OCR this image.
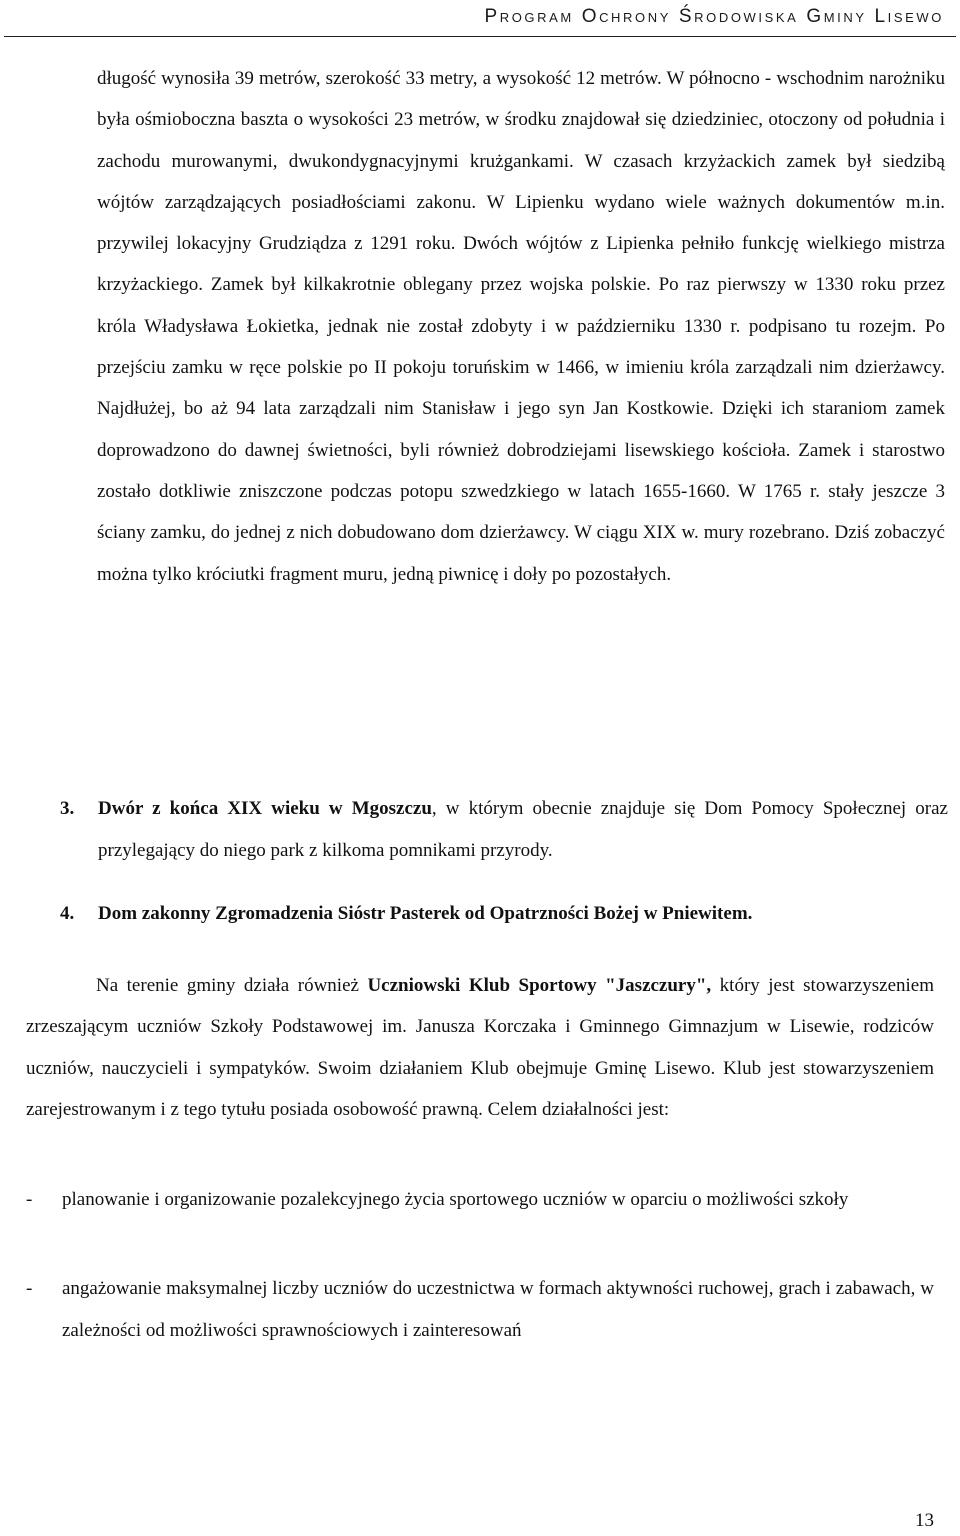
Program Ochrony Środowiska Gminy Lisewo

długość wynosiła 39 metrów, szerokość 33 metry, a wysokość 12 metrów. W północno - wschodnim narożniku była ośmioboczna baszta o wysokości 23 metrów, w środku znajdował się dziedziniec, otoczony od południa i zachodu murowanymi, dwukondygnacyjnymi krużgankami. W czasach krzyżackich zamek był siedzibą wójtów zarządzających posiadłościami zakonu. W Lipienku wydano wiele ważnych dokumentów m.in. przywilej lokacyjny Grudziądza z 1291 roku. Dwóch wójtów z Lipienka pełniło funkcję wielkiego mistrza krzyżackiego. Zamek był kilkakrotnie oblegany przez wojska polskie. Po raz pierwszy w 1330 roku przez króla Władysława Łokietka, jednak nie został zdobyty i w październiku 1330 r. podpisano tu rozejm. Po przejściu zamku w ręce polskie po II pokoju toruńskim w 1466, w imieniu króla zarządzali nim dzierżawcy. Najdłużej, bo aż 94 lata zarządzali nim Stanisław i jego syn Jan Kostkowie. Dzięki ich staraniom zamek doprowadzono do dawnej świetności, byli również dobrodziejami lisewskiego kościoła. Zamek i starostwo zostało dotkliwie zniszczone podczas potopu szwedzkiego w latach 1655-1660. W 1765 r. stały jeszcze 3 ściany zamku, do jednej z nich dobudowano dom dzierżawcy. W ciągu XIX w. mury rozebrano. Dziś zobaczyć można tylko króciutki fragment muru, jedną piwnicę i doły po pozostałych.

3. Dwór z końca XIX wieku w Mgoszczu, w którym obecnie znajduje się Dom Pomocy Społecznej oraz przylegający do niego park z kilkoma pomnikami przyrody.
4. Dom zakonny Zgromadzenia Sióstr Pasterek od Opatrzności Bożej w Pniewitem.

Na terenie gminy działa również Uczniowski Klub Sportowy "Jaszczury", który jest stowarzyszeniem zrzeszającym uczniów Szkoły Podstawowej im. Janusza Korczaka i Gminnego Gimnazjum w Lisewie, rodziców uczniów, nauczycieli i sympatyków. Swoim działaniem Klub obejmuje Gminę Lisewo. Klub jest stowarzyszeniem zarejestrowanym i z tego tytułu posiada osobowość prawną. Celem działalności jest:

- planowanie i organizowanie pozalekcyjnego życia sportowego uczniów w oparciu o możliwości szkoły
- angażowanie maksymalnej liczby uczniów do uczestnictwa w formach aktywności ruchowej, grach i zabawach, w zależności od możliwości sprawnościowych i zainteresowań
13
